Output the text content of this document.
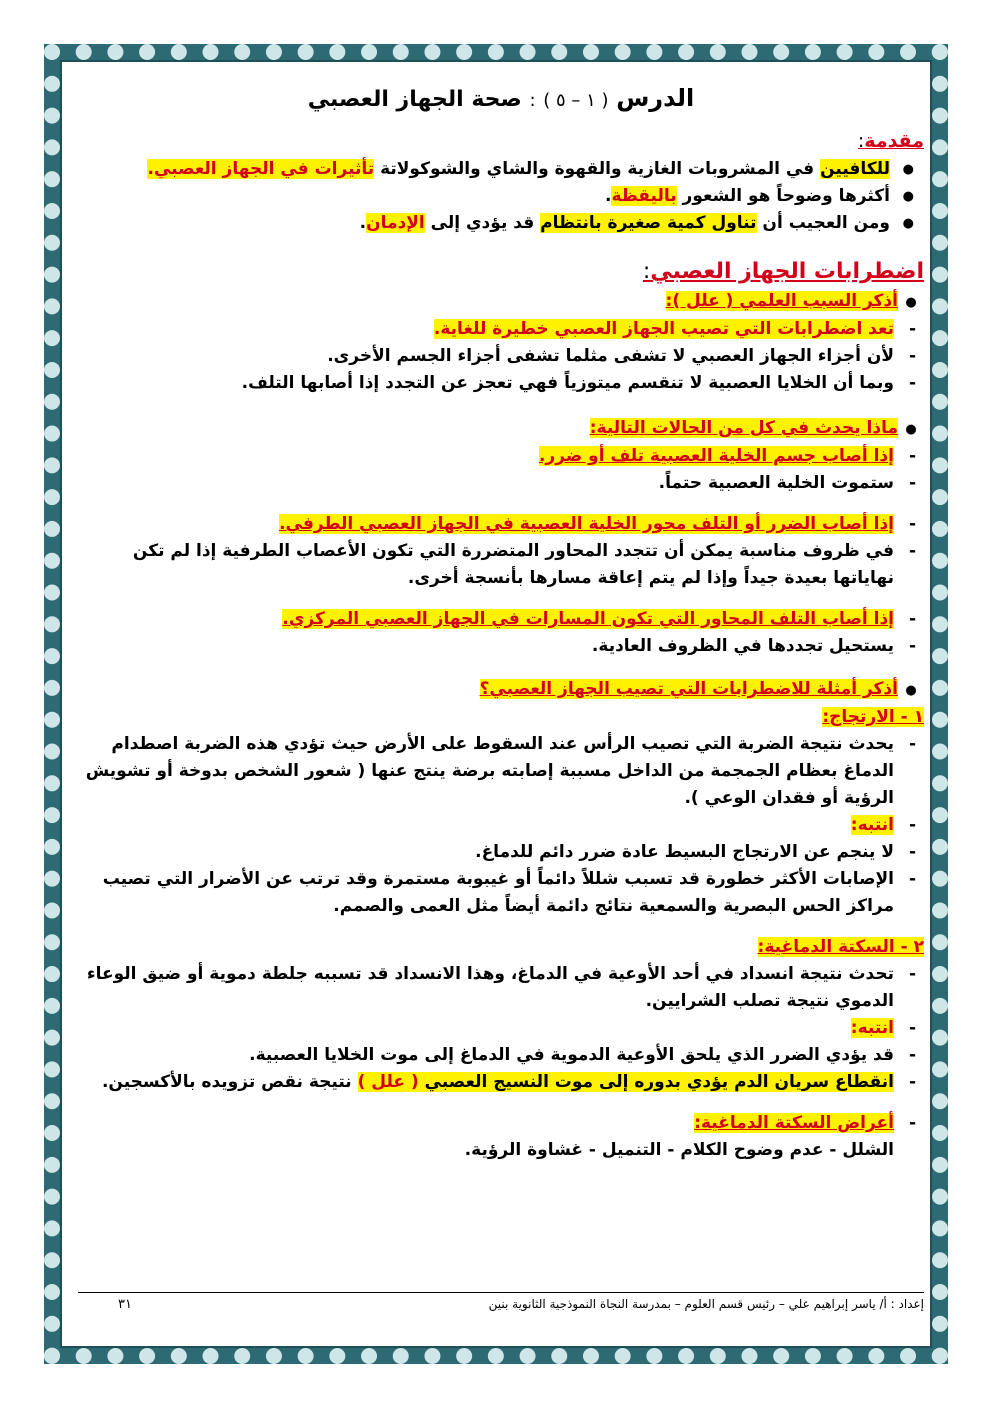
الدرس ( ١ – ٥ ) : صحة الجهاز العصبي
مقدمة:
● للكافيين في المشروبات الغازية والقهوة والشاي والشوكولاتة تأثيرات في الجهاز العصبي.
● أكثرها وضوحاً هو الشعور باليقظة.
● ومن العجيب أن تناول كمية صغيرة بانتظام قد يؤدي إلى الإدمان.
اضطرابات الجهاز العصبي:
●أذكر السبب العلمي ( علل ):
-
تعد اضطرابات التي تصيب الجهاز العصبي خطيرة للغاية.
-
لأن أجزاء الجهاز العصبي لا تشفى مثلما تشفى أجزاء الجسم الأخرى.
-
وبما أن الخلايا العصبية لا تنقسم ميتوزياً فهي تعجز عن التجدد إذا أصابها التلف.
●ماذا يحدث في كل من الحالات التالية:
-
إذا أصاب جسم الخلية العصبية تلف أو ضرر.
-
ستموت الخلية العصبية حتماً.
-
إذا أصاب الضرر أو التلف محور الخلية العصبية في الجهاز العصبي الطرفي.
-
في ظروف مناسبة يمكن أن تتجدد المحاور المتضررة التي تكون الأعصاب الطرفية إذا لم تكن نهاياتها بعيدة جيداً وإذا لم يتم إعاقة مسارها بأنسجة أخرى.
-
إذا أصاب التلف المحاور التي تكون المسارات في الجهاز العصبي المركزي.
-
يستحيل تجددها في الظروف العادية.
●أذكر أمثلة للاضطرابات التي تصيب الجهاز العصبي؟
١ - الارتجاج:
-
يحدث نتيجة الضربة التي تصيب الرأس عند السقوط على الأرض حيث تؤدي هذه الضربة اصطدام الدماغ بعظام الجمجمة من الداخل مسببة إصابته برضة ينتج عنها ( شعور الشخص بدوخة أو تشويش الرؤية أو فقدان الوعي ).
-
انتبه:
-
لا ينجم عن الارتجاج البسيط عادة ضرر دائم للدماغ.
-
الإصابات الأكثر خطورة قد تسبب شللاً دائماً أو غيبوبة مستمرة وقد ترتب عن الأضرار التي تصيب مراكز الحس البصرية والسمعية نتائج دائمة أيضاً مثل العمى والصمم.
٢ - السكتة الدماغية:
-
تحدث نتيجة انسداد في أحد الأوعية في الدماغ، وهذا الانسداد قد تسببه جلطة دموية أو ضيق الوعاء الدموي نتيجة تصلب الشرايين.
-
انتبه:
-
قد يؤدي الضرر الذي يلحق الأوعية الدموية في الدماغ إلى موت الخلايا العصبية.
-
انقطاع سريان الدم يؤدي بدوره إلى موت النسيج العصبي ( علل ) نتيجة نقص تزويده بالأكسجين.
-
أعراض السكتة الدماغية:
الشلل - عدم وضوح الكلام - التنميل - غشاوة الرؤية.
إعداد : أ/ ياسر إبراهيم علي – رئيس قسم العلوم – بمدرسة النجاة النموذجية الثانوية بنين
٣١
